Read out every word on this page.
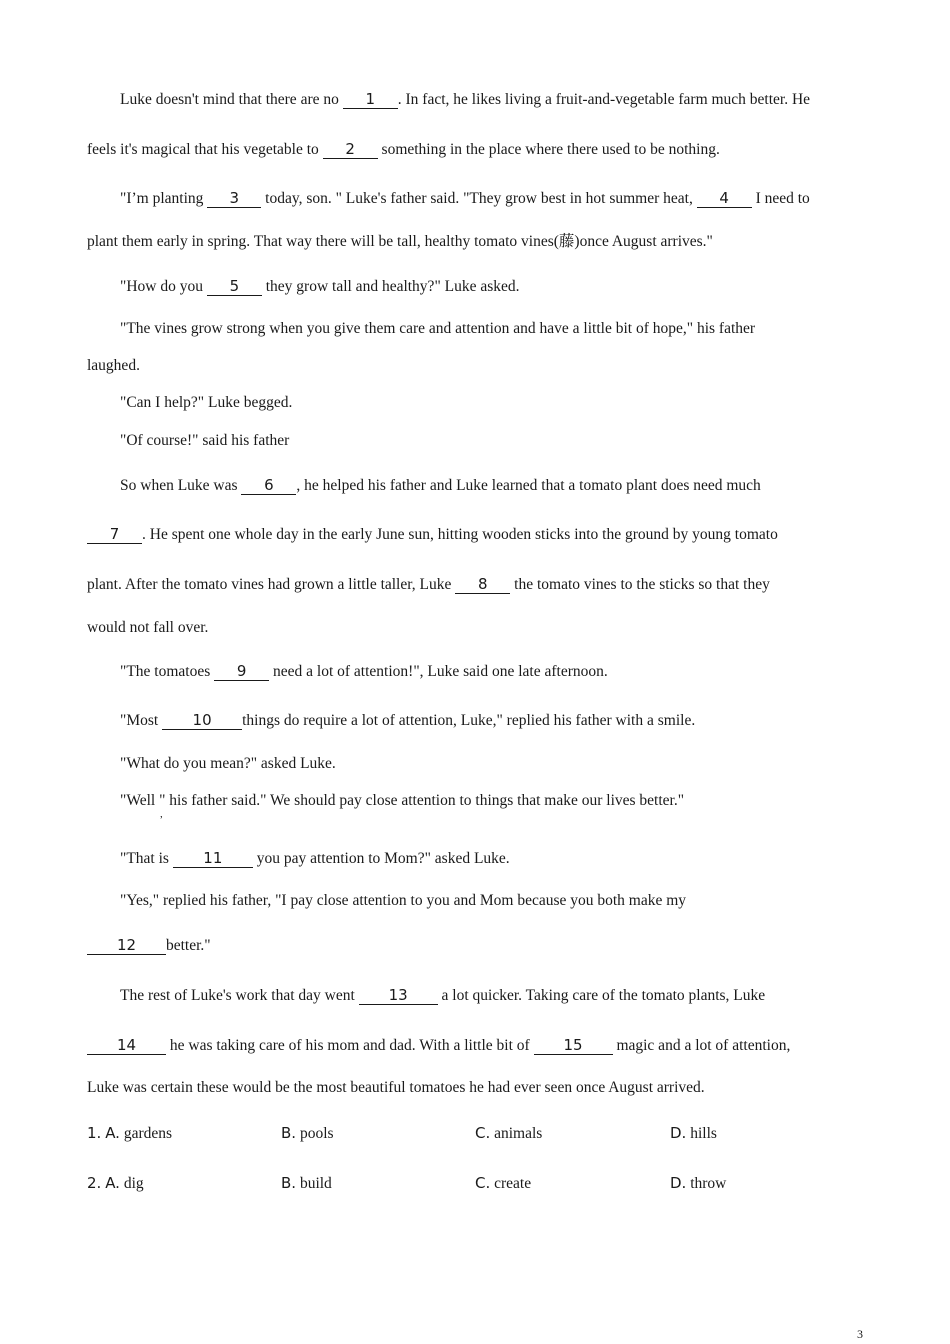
Luke doesn't mind that there are no 1 . In fact, he likes living a fruit-and-vegetable farm much better. He
feels it's magical that his vegetable to 2 something in the place where there used to be nothing.
"I’m planting 3 today, son. " Luke's father said. "They grow best in hot summer heat, 4 I need to
plant them early in spring. That way there will be tall, healthy tomato vines(藤)once August arrives."
"How do you 5 they grow tall and healthy?" Luke asked.
"The vines grow strong when you give them care and attention and have a little bit of hope," his father
laughed.
"Can I help?" Luke begged.
"Of course!" said his father
So when Luke was 6 , he helped his father and Luke learned that a tomato plant does need much
7 . He spent one whole day in the early June sun, hitting wooden sticks into the ground by young tomato
plant. After the tomato vines had grown a little taller, Luke 8 the tomato vines to the sticks so that they
would not fall over.
"The tomatoes 9 need a lot of attention!", Luke said one late afternoon.
"Most 10 things do require a lot of attention, Luke," replied his father with a smile.
"What do you mean?" asked Luke.
"Well " his father said." We should pay close attention to things that make our lives better."
,
"That is 11 you pay attention to Mom?" asked Luke.
"Yes," replied his father, "I pay close attention to you and Mom because you both make my
12 better."
The rest of Luke's work that day went 13 a lot quicker. Taking care of the tomato plants, Luke
14 he was taking care of his mom and dad. With a little bit of 15 magic and a lot of attention,
Luke was certain these would be the most beautiful tomatoes he had ever seen once August arrived.
1. A. gardens	B. pools	C. animals	D. hills
2. A. dig	B. build	C. create	D. throw
3
